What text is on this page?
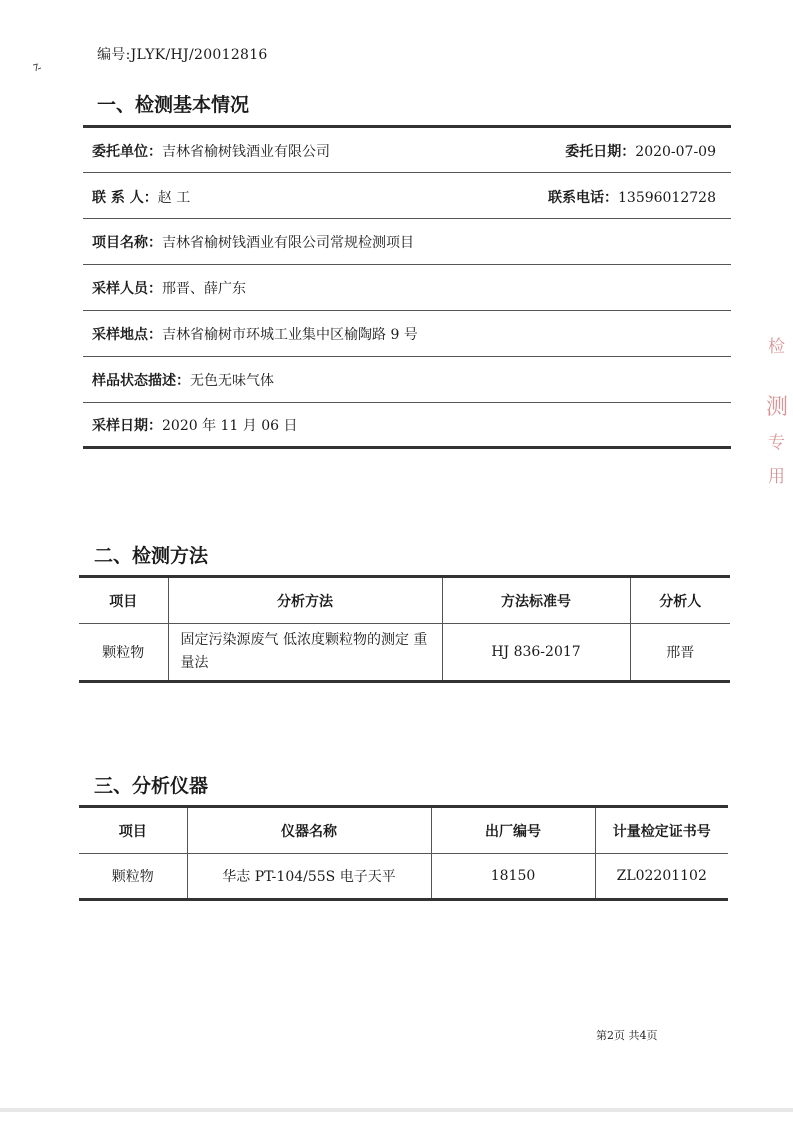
编号:JLYK/HJ/20012816
一、检测基本情况
委托单位：吉林省榆树钱酒业有限公司	委托日期：2020-07-09
联 系 人：赵 工	联系电话：13596012728
项目名称：吉林省榆树钱酒业有限公司常规检测项目
采样人员：邢晋、薛广东
采样地点：吉林省榆树市环城工业集中区榆陶路 9 号
样品状态描述：无色无味气体
采样日期：2020 年 11 月 06 日
二、检测方法
项目	分析方法	方法标准号	分析人
颗粒物	固定污染源废气 低浓度颗粒物的测定 重量法	HJ 836-2017	邢晋
三、分析仪器
项目	仪器名称	出厂编号	计量检定证书号
颗粒物	华志 PT-104/55S 电子天平	18150	ZL02201102
第2页 共4页
检
测
专
用
